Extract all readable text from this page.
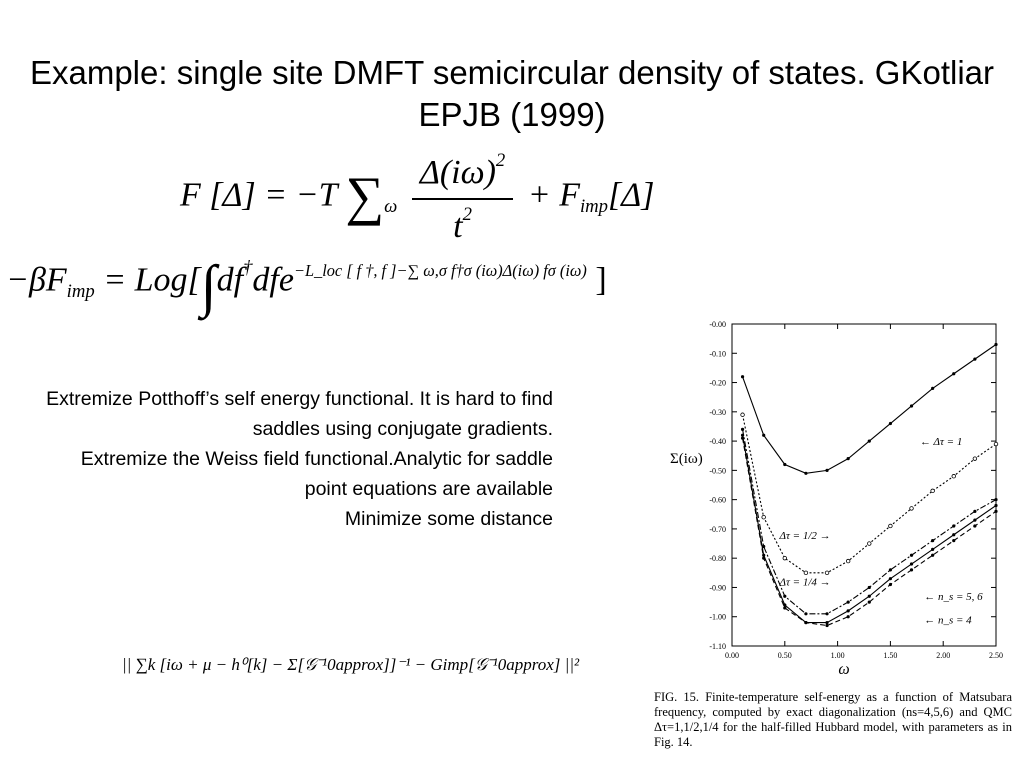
Example: single site DMFT semicircular density of states. GKotliar EPJB (1999)
F [Δ] = −T $\sum_\omega \frac{\Delta(i\omega)^2}{t^2} + F_{imp}[\Delta]$
$-\beta F_{imp} = Log[\int df^\dagger dfe^{-L\_loc [ f \dagger, f ]-\sum \omega,\sigma f\dagger\sigma (i\omega)\Delta(i\omega) f\sigma (i\omega)}$ ]

Extremize Potthoff’s self energy functional. It is hard to find saddles using conjugate gradients.

Extremize the Weiss field functional.Analytic for saddle point equations are available

Minimize some distance

|| ∑k [iω + μ − h⁰[k] − Σ[𝒢⁻¹0approx]]⁻¹ − Gimp[𝒢⁻¹0approx] ||²
-0.00
-0.10
-0.20
-0.30
-0.40
-0.50
-0.60
-0.70
-0.80
-0.90
-1.00
-1.10
0.00	0.50	1.00	1.50	2.00	2.50
ω
Σ(iω)
← Δτ = 1
Δτ = 1/2 →
Δτ = 1/4 →
← n_s = 5, 6
← n_s = 4
FIG. 15. Finite-temperature self-energy as a function of Matsubara frequency, computed by exact diagonalization (ns=4,5,6) and QMC Δτ=1,1/2,1/4 for the half-filled Hubbard model, with parameters as in Fig. 14.
